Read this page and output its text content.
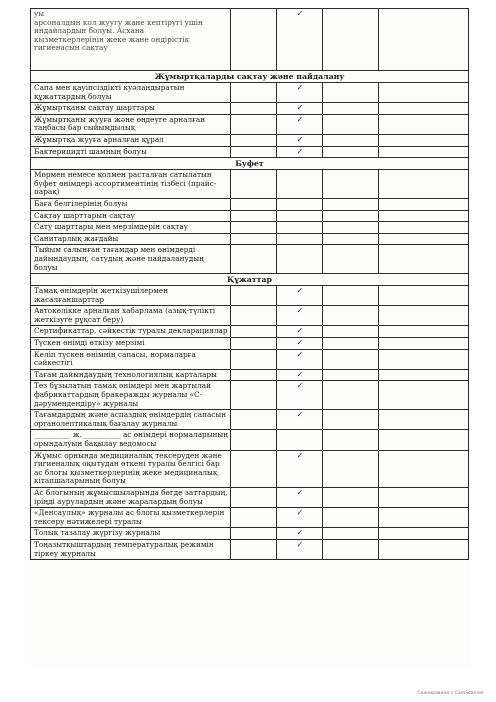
уы
арсоналдын кол жуугу жане кептiругi ушiн
индайлардын болуы. Асхана
кызметкерлерiнiн жеке жане ондiрiстiк
гигиенасын сактау		✓		
Жұмыртқаларды сақтау және пайдалану				
Сапа мен қауіпсіздікті куәландыратын құжаттардың болуы		✓		
Жұмыртқаны сақтау шарттары		✓		
Жұмыртқаны жууға және өңдеуге арналған таңбасы бар сыйымдылық		✓		
Жұмыртқа жууға арналған құрал		✓		
Бактерицидті шамның болуы		✓		
Буфет				
Мөрмен немесе қолмен расталған сатылатын буфет өнімдері ассортиментінің тізбесі (прайс-парақ)				
Баға белгілерінің болуы				
Сақтау шарттарын сақтау				
Сату шарттары мен мерзімдерін сақтау				
Санитарлық жағдайы				
Тыйым салынған тағамдар мен өнімдерді дайындаудың, сатудың және пайдаланудың болуы				
Құжаттар				
Тамақ өнімдерін жеткізушілермен жасалғаншарттар		✓		
Автокөлікке арналған хабарлама (азық-түлікті жеткізуге рұқсат беру)		✓		
Сертификаттар, сәйкестік туралы декларациялар		✓		
Түскен өнімді өткізу мерзімі		✓		
Келіп түскен өнімнің сапасы, нормаларға сәйкестігі		✓		
Тағам дайындаудың технологиялық карталары		✓		
Тез бұзылатын тамақ өнімдері мен жартылай фабрикаттардың бракеражды журналы «С-дәрумендендіру» журналы		✓		
Тағамдардың және аспаздық өнімдердің сапасын органолептикалық бағалау журналы		✓		
__________ ж. __________ ас өнімдері нормаларының орындалуын бақылау ведомосы				
Жұмыс орнында медициналық тексеруден және гигиеналық оқытудан өткені туралы белгісі бар ас блогы қызметкерлерінің жеке медициналық кітапшаларының болуы		✓		
Ас блогының жұмысшыларында бөгде заттардың, іріңді аурулардың және жаралардың болуы		✓		
«Денсаулық» журналы ас блогы қызметкерлерін тексеру нәтижелері туралы		✓		
Толық тазалау жүргізу журналы		✓		
Тоңазытқыштардың температуралық режимін тіркеу журналы		✓		
Сканировано с CamScanner
